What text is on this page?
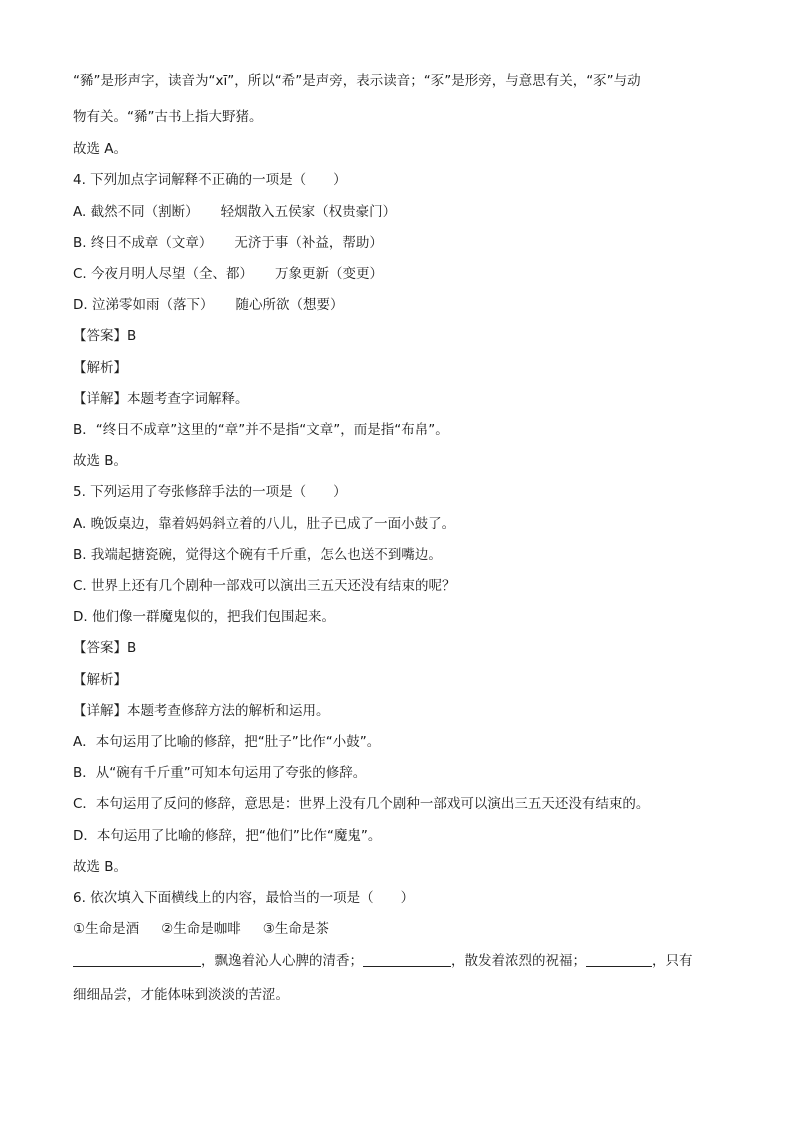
“豨”是形声字，读音为“xī”，所以“希”是声旁，表示读音；“豕”是形旁，与意思有关，“豕”与动
物有关。“豨”古书上指大野猪。
故选 A。
4. 下列加点字词解释不正确的一项是（　　）
A. 截然不同（割断） 轻烟散入五侯家（权贵豪门）
B. 终日不成章（文章） 无济于事（补益，帮助）
C. 今夜月明人尽望（全、都） 万象更新（变更）
D. 泣涕零如雨（落下） 随心所欲（想要）
【答案】B
【解析】
【详解】本题考查字词解释。
B．“终日不成章”这里的“章”并不是指“文章”，而是指“布帛”。
故选 B。
5. 下列运用了夸张修辞手法的一项是（　　）
A. 晚饭桌边，靠着妈妈斜立着的八儿，肚子已成了一面小鼓了。
B. 我端起搪瓷碗，觉得这个碗有千斤重，怎么也送不到嘴边。
C. 世界上还有几个剧种一部戏可以演出三五天还没有结束的呢？
D. 他们像一群魔鬼似的，把我们包围起来。
【答案】B
【解析】
【详解】本题考查修辞方法的解析和运用。
A．本句运用了比喻的修辞，把“肚子”比作“小鼓”。
B．从“碗有千斤重”可知本句运用了夸张的修辞。
C．本句运用了反问的修辞，意思是：世界上没有几个剧种一部戏可以演出三五天还没有结束的。
D．本句运用了比喻的修辞，把“他们”比作“魔鬼”。
故选 B。
6. 依次填入下面横线上的内容，最恰当的一项是（　　）
①生命是酒 ②生命是咖啡 ③生命是茶
，飘逸着沁人心脾的清香；	，散发着浓烈的祝福；	，只有
细细品尝，才能体味到淡淡的苦涩。
